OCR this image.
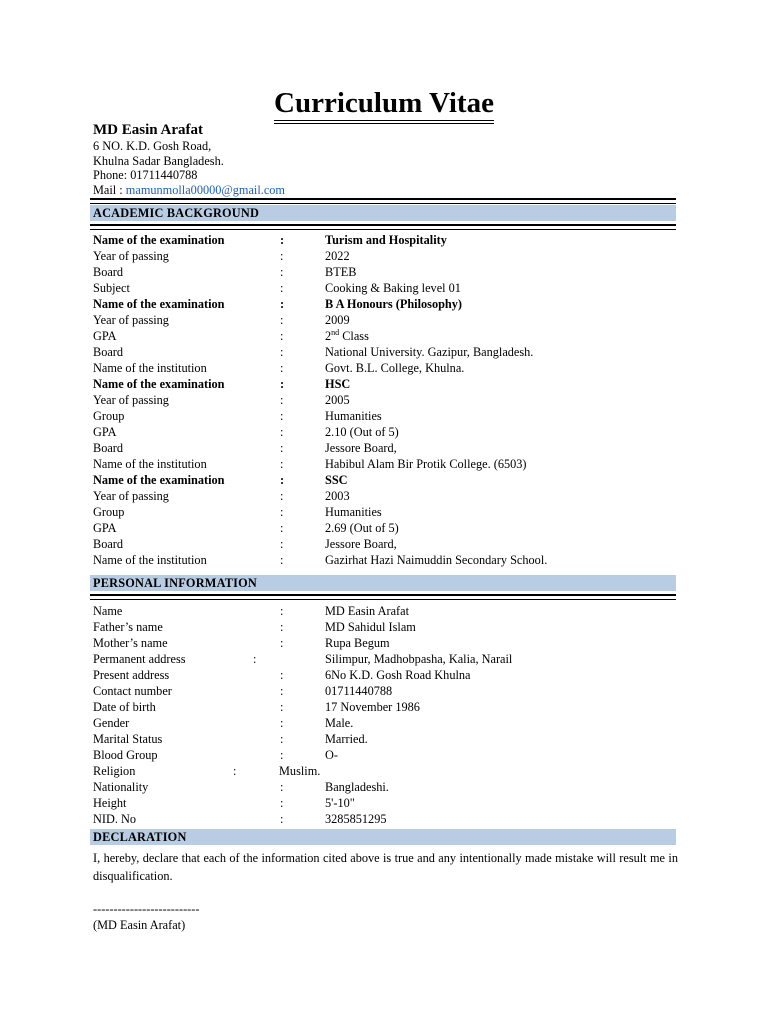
Curriculum Vitae
MD Easin Arafat
6 NO. K.D. Gosh Road,
Khulna Sadar Bangladesh.
Phone: 01711440788
Mail : mamunmolla00000@gmail.com
ACADEMIC BACKGROUND
Name of the examination	:	Turism and Hospitality
Year of passing	:	2022
Board	:	BTEB
Subject	:	Cooking & Baking level 01
Name of the examination	:	B A Honours (Philosophy)
Year of passing	:	2009
GPA	:	2nd Class
Board	:	National University. Gazipur, Bangladesh.
Name of the institution	:	Govt. B.L. College, Khulna.
Name of the examination	:	HSC
Year of passing	:	2005
Group	:	Humanities
GPA	:	2.10 (Out of 5)
Board	:	Jessore Board,
Name of the institution	:	Habibul Alam Bir Protik College. (6503)
Name of the examination	:	SSC
Year of passing	:	2003
Group	:	Humanities
GPA	:	2.69 (Out of 5)
Board	:	Jessore Board,
Name of the institution	:	Gazirhat Hazi Naimuddin Secondary School.
PERSONAL INFORMATION
Name	:	MD Easin Arafat
Father’s name	:	MD Sahidul Islam
Mother’s name	:	Rupa Begum
Permanent address	:	Silimpur, Madhobpasha, Kalia, Narail
Present address	:	6No K.D. Gosh Road Khulna
Contact number	:	01711440788
Date of birth	:	17 November 1986
Gender	:	Male.
Marital Status	:	Married.
Blood Group	:	O-
Religion	:	Muslim.
Nationality	:	Bangladeshi.
Height	:	5'-10"
NID. No	:	3285851295
DECLARATION
I, hereby, declare that each of the information cited above is true and any intentionally made mistake will result me in disqualification.
--------------------------
(MD Easin Arafat)
